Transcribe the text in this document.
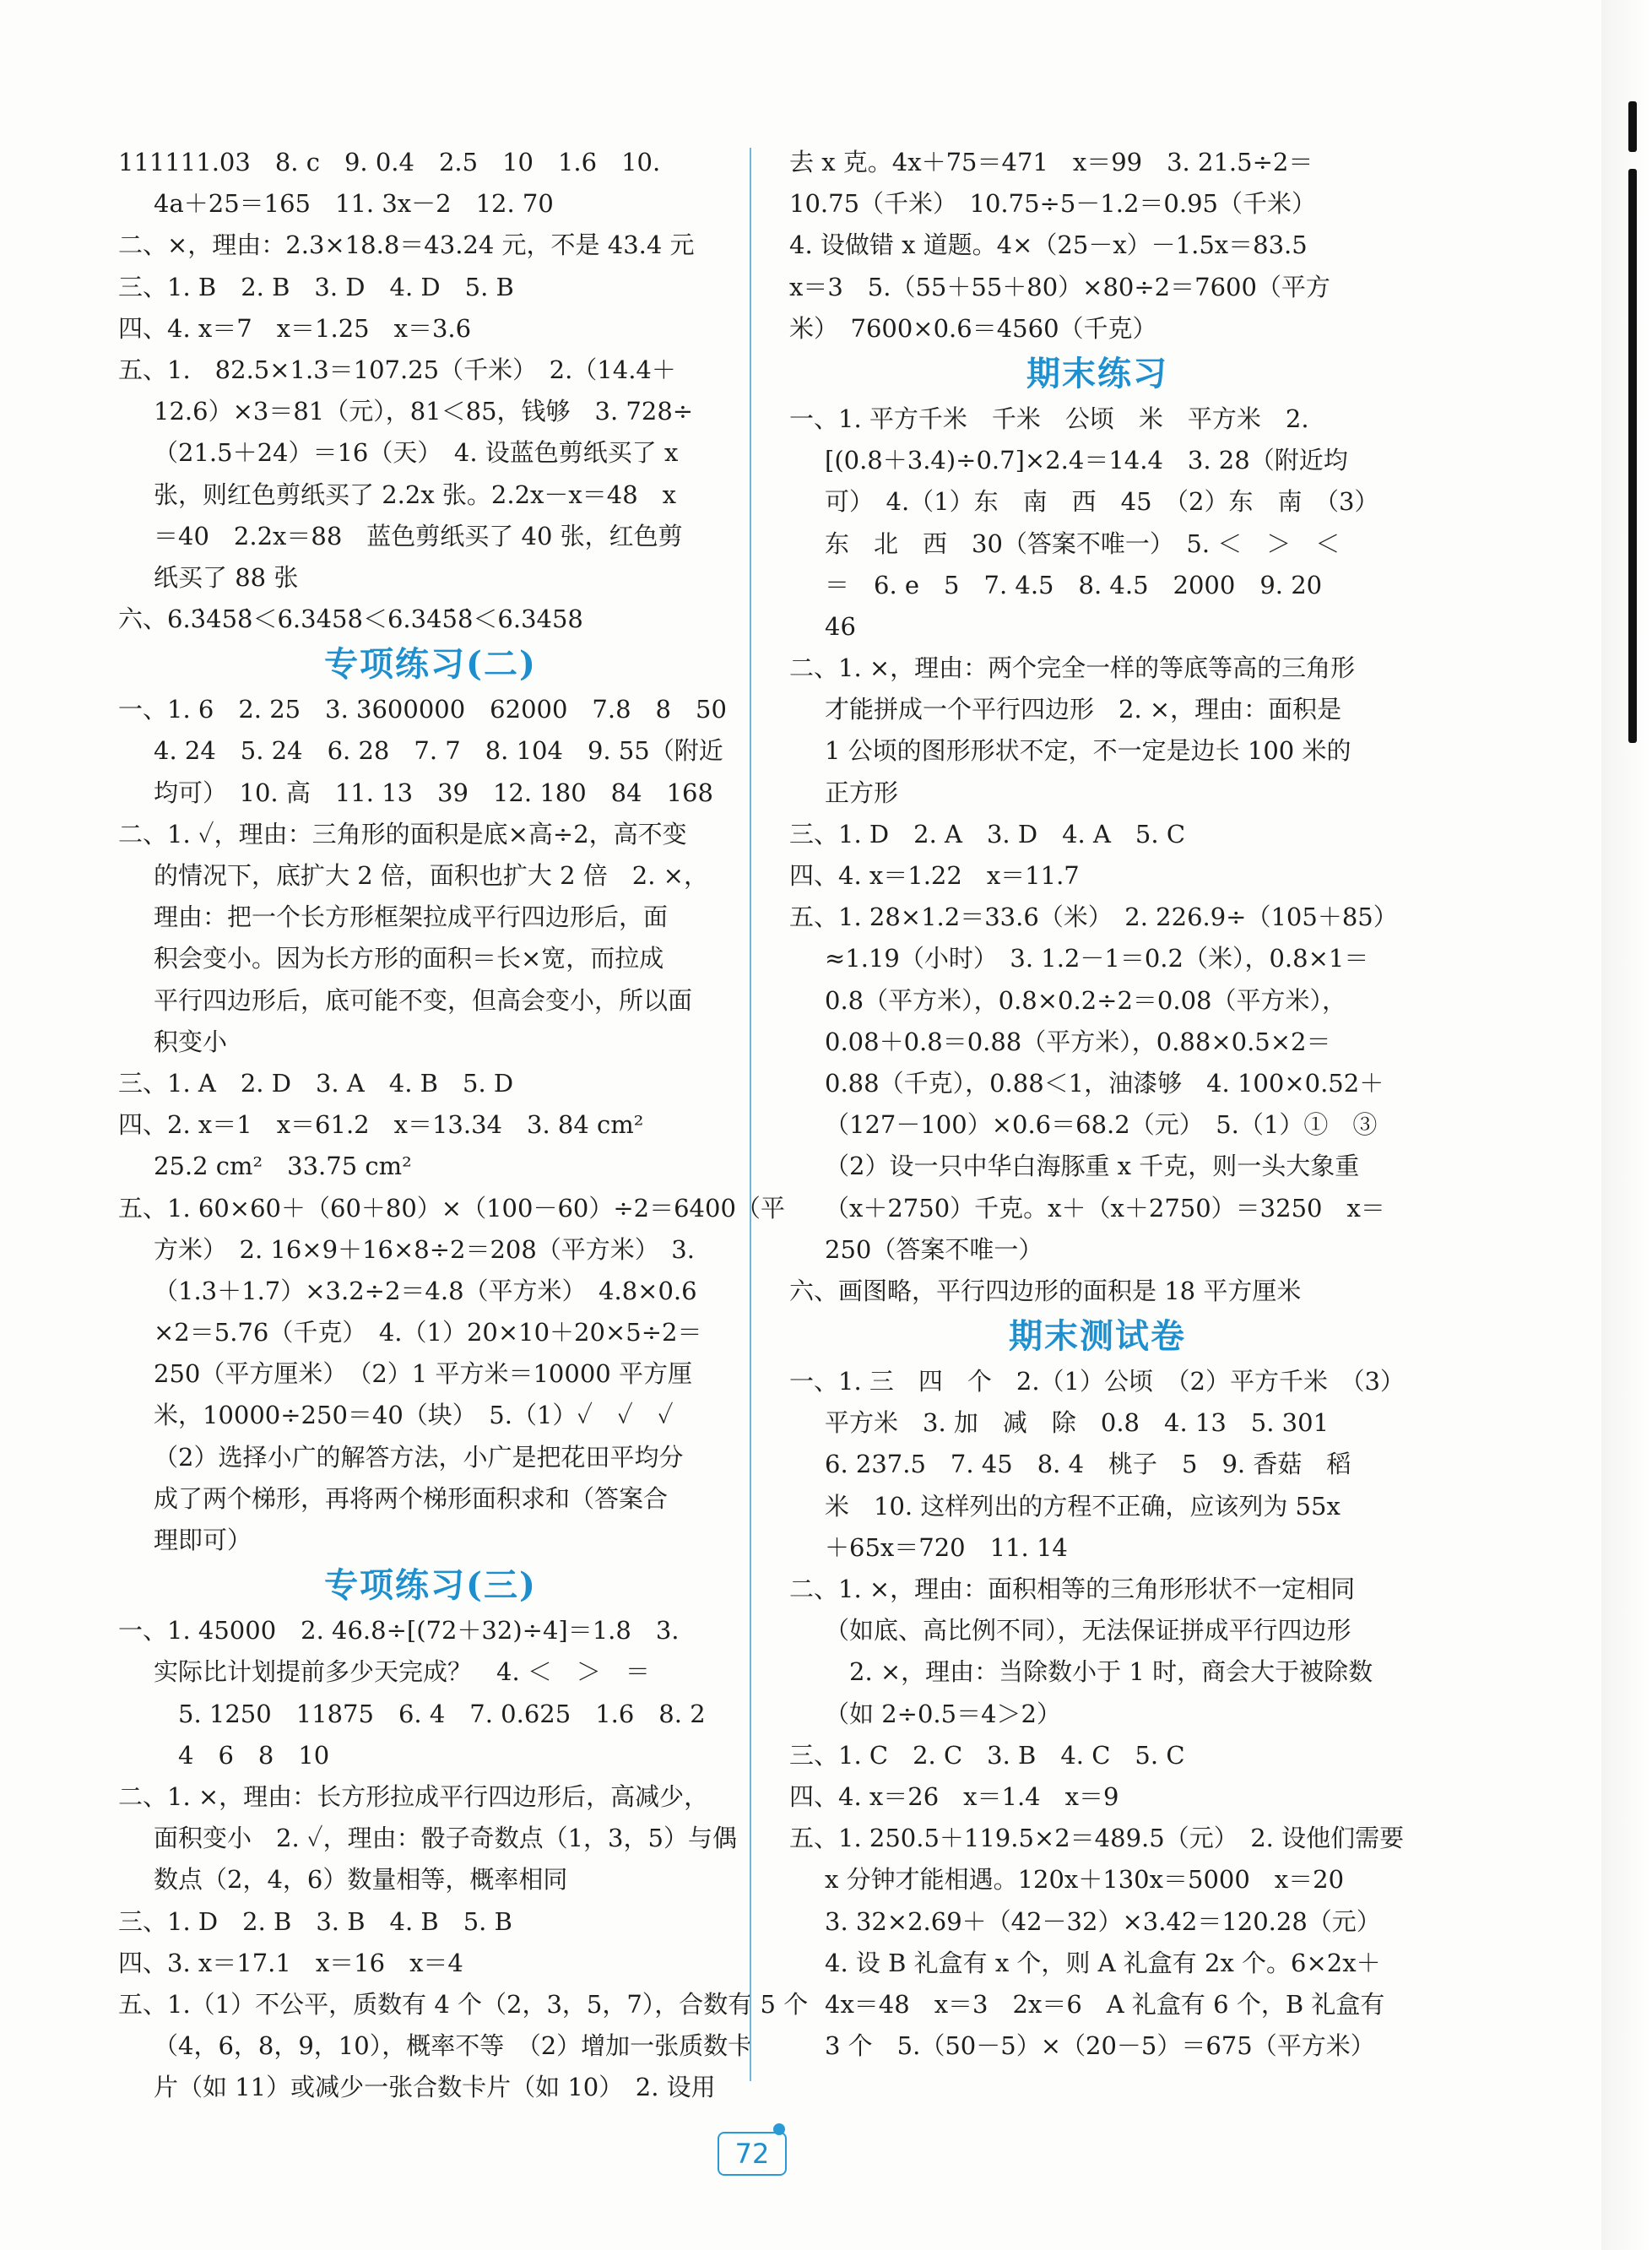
111111.03　8. c　9. 0.4　2.5　10　1.6　10.
4a＋25＝165　11. 3x－2　12. 70
二、×，理由：2.3×18.8＝43.24 元，不是 43.4 元
三、1. B　2. B　3. D　4. D　5. B
四、4. x＝7　x＝1.25　x＝3.6
五、1.　82.5×1.3＝107.25（千米）　2.（14.4＋
12.6）×3＝81（元），81＜85，钱够　3. 728÷
（21.5＋24）＝16（天）　4. 设蓝色剪纸买了 x
张，则红色剪纸买了 2.2x 张。2.2x－x＝48　x
＝40　2.2x＝88　蓝色剪纸买了 40 张，红色剪
纸买了 88 张
六、6.3̇458̇＜6.34̇58̇＜6.345̇8̇＜6.3458
专项练习(二)
一、1. 6　2. 25　3. 3600000　62000　7.8　8　50
4. 24　5. 24　6. 28　7. 7　8. 104　9. 55（附近
均可）　10. 高　11. 13　39　12. 180　84　168
二、1. ✓，理由：三角形的面积是底×高÷2，高不变
的情况下，底扩大 2 倍，面积也扩大 2 倍　2. ×，
理由：把一个长方形框架拉成平行四边形后，面
积会变小。因为长方形的面积＝长×宽，而拉成
平行四边形后，底可能不变，但高会变小，所以面
积变小
三、1. A　2. D　3. A　4. B　5. D
四、2. x＝1　x＝61.2　x＝13.34　3. 84 cm²
25.2 cm²　33.75 cm²
五、1. 60×60＋（60＋80）×（100－60）÷2＝6400（平
方米）　2. 16×9＋16×8÷2＝208（平方米）　3.
（1.3＋1.7）×3.2÷2＝4.8（平方米）　4.8×0.6
×2＝5.76（千克）　4.（1）20×10＋20×5÷2＝
250（平方厘米）　（2）1 平方米＝10000 平方厘
米，10000÷250＝40（块）　5.（1）✓　✓　✓
（2）选择小广的解答方法，小广是把花田平均分
成了两个梯形，再将两个梯形面积求和（答案合
理即可）
专项练习(三)
一、1. 45000　2. 46.8÷[(72＋32)÷4]＝1.8　3.
实际比计划提前多少天完成？　4. ＜　＞　＝
　5. 1250　11875　6. 4　7. 0.625　1.6　8. 2
　4　6　8　10
二、1. ×，理由：长方形拉成平行四边形后，高减少，
面积变小　2. ✓，理由：骰子奇数点（1，3，5）与偶
数点（2，4，6）数量相等，概率相同
三、1. D　2. B　3. B　4. B　5. B
四、3. x＝17.1　x＝16　x＝4
五、1.（1）不公平，质数有 4 个（2，3，5，7），合数有 5 个
（4，6，8，9，10），概率不等　（2）增加一张质数卡
片（如 11）或减少一张合数卡片（如 10）　2. 设用
去 x 克。4x＋75＝471　x＝99　3. 21.5÷2＝
10.75（千米）　10.75÷5－1.2＝0.95（千米）
4. 设做错 x 道题。4×（25－x）－1.5x＝83.5
x＝3　5.（55＋55＋80）×80÷2＝7600（平方
米）　7600×0.6＝4560（千克）
期末练习
一、1. 平方千米　千米　公顷　米　平方米　2.
[(0.8＋3.4)÷0.7]×2.4＝14.4　3. 28（附近均
可）　4.（1）东　南　西　45　（2）东　南　（3）
东　北　西　30（答案不唯一）　5. ＜　＞　＜
＝　6. e　5　7. 4.5　8. 4.5　2000　9. 20
46
二、1. ×，理由：两个完全一样的等底等高的三角形
才能拼成一个平行四边形　2. ×，理由：面积是
1 公顷的图形形状不定，不一定是边长 100 米的
正方形
三、1. D　2. A　3. D　4. A　5. C
四、4. x＝1.22　x＝11.7
五、1. 28×1.2＝33.6（米）　2. 226.9÷（105＋85）
≈1.19（小时）　3. 1.2－1＝0.2（米），0.8×1＝
0.8（平方米），0.8×0.2÷2＝0.08（平方米），
0.08＋0.8＝0.88（平方米），0.88×0.5×2＝
0.88（千克），0.88＜1，油漆够　4. 100×0.52＋
（127－100）×0.6＝68.2（元）　5.（1）①　③
（2）设一只中华白海豚重 x 千克，则一头大象重
（x＋2750）千克。x＋（x＋2750）＝3250　x＝
250（答案不唯一）
六、画图略，平行四边形的面积是 18 平方厘米
期末测试卷
一、1. 三　四　个　2.（1）公顷　（2）平方千米　（3）
平方米　3. 加　减　除　0.8　4. 13　5. 301
6. 237.5　7. 45　8. 4　桃子　5　9. 香菇　稻
米　10. 这样列出的方程不正确，应该列为 55x
＋65x＝720　11. 14
二、1. ×，理由：面积相等的三角形形状不一定相同
（如底、高比例不同），无法保证拼成平行四边形
　2. ×，理由：当除数小于 1 时，商会大于被除数
（如 2÷0.5＝4＞2）
三、1. C　2. C　3. B　4. C　5. C
四、4. x＝26　x＝1.4　x＝9
五、1. 250.5＋119.5×2＝489.5（元）　2. 设他们需要
x 分钟才能相遇。120x＋130x＝5000　x＝20
3. 32×2.69＋（42－32）×3.42＝120.28（元）
4. 设 B 礼盒有 x 个，则 A 礼盒有 2x 个。6×2x＋
4x＝48　x＝3　2x＝6　A 礼盒有 6 个，B 礼盒有
3 个　5.（50－5）×（20－5）＝675（平方米）
72
